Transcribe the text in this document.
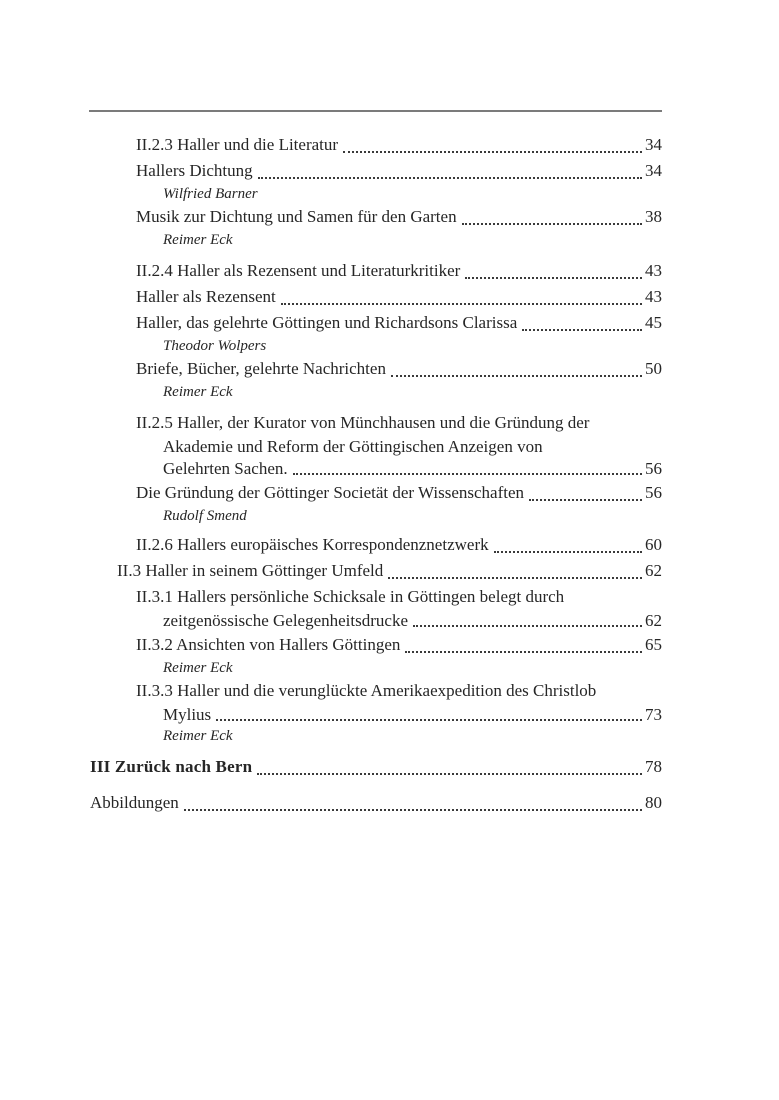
II.2.3 Haller und die Literatur	34
Hallers Dichtung	34
Wilfried Barner
Musik zur Dichtung und Samen für den Garten	38
Reimer Eck
II.2.4 Haller als Rezensent und Literaturkritiker	43
Haller als Rezensent	43
Haller, das gelehrte Göttingen und Richardsons Clarissa	45
Theodor Wolpers
Briefe, Bücher, gelehrte Nachrichten	50
Reimer Eck
II.2.5 Haller, der Kurator von Münchhausen und die Gründung der
Akademie und Reform der Göttingischen Anzeigen von
Gelehrten Sachen.	56
Die Gründung der Göttinger Societät der Wissenschaften	56
Rudolf Smend
II.2.6 Hallers europäisches Korrespondenznetzwerk	60
II.3 Haller in seinem Göttinger Umfeld	62
II.3.1 Hallers persönliche Schicksale in Göttingen belegt durch
zeitgenössische Gelegenheitsdrucke	62
II.3.2 Ansichten von Hallers Göttingen	65
Reimer Eck
II.3.3 Haller und die verunglückte Amerikaexpedition des Christlob
Mylius	73
Reimer Eck
III Zurück nach Bern	78
Abbildungen	80
